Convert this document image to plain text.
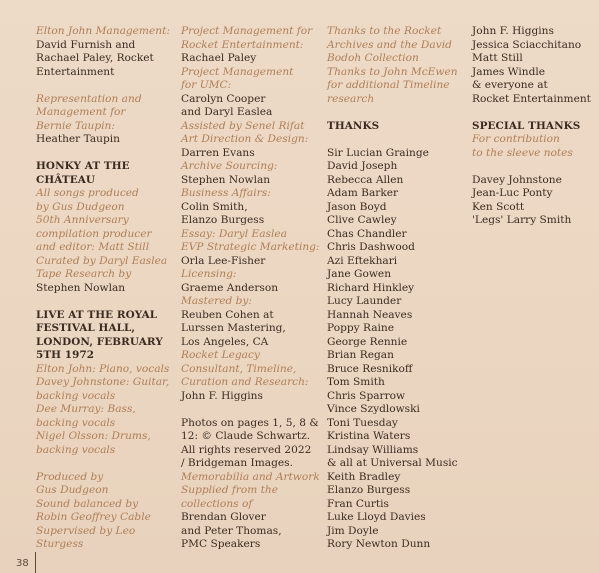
Elton John Management:
David Furnish and
Rachael Paley, Rocket
Entertainment
Representation and
Management for
Bernie Taupin:
Heather Taupin
HONKY AT THE
CHÂTEAU
All songs produced
by Gus Dudgeon
50th Anniversary
compilation producer
and editor: Matt Still
Curated by Daryl Easlea
Tape Research by
Stephen Nowlan
LIVE AT THE ROYAL
FESTIVAL HALL,
LONDON, FEBRUARY
5TH 1972
Elton John: Piano, vocals
Davey Johnstone: Guitar,
backing vocals
Dee Murray: Bass,
backing vocals
Nigel Olsson: Drums,
backing vocals
Produced by
Gus Dudgeon
Sound balanced by
Robin Geoffrey Cable
Supervised by Leo
Sturgess
Project Management for
Rocket Entertainment:
Rachael Paley
Project Management
for UMC:
Carolyn Cooper
and Daryl Easlea
Assisted by Senel Rifat
Art Direction & Design:
Darren Evans
Archive Sourcing:
Stephen Nowlan
Business Affairs:
Colin Smith,
Elanzo Burgess
Essay: Daryl Easlea
EVP Strategic Marketing:
Orla Lee-Fisher
Licensing:
Graeme Anderson
Mastered by:
Reuben Cohen at
Lurssen Mastering,
Los Angeles, CA
Rocket Legacy
Consultant, Timeline,
Curation and Research:
John F. Higgins
Photos on pages 1, 5, 8 &
12: © Claude Schwartz.
All rights reserved 2022
/ Bridgeman Images.
Memorabilia and Artwork
Supplied from the
collections of
Brendan Glover
and Peter Thomas,
PMC Speakers
Thanks to the Rocket
Archives and the David
Bodoh Collection
Thanks to John McEwen
for additional Timeline
research
THANKS
Sir Lucian Grainge
David Joseph
Rebecca Allen
Adam Barker
Jason Boyd
Clive Cawley
Chas Chandler
Chris Dashwood
Azi Eftekhari
Jane Gowen
Richard Hinkley
Lucy Launder
Hannah Neaves
Poppy Raine
George Rennie
Brian Regan
Bruce Resnikoff
Tom Smith
Chris Sparrow
Vince Szydlowski
Toni Tuesday
Kristina Waters
Lindsay Williams
& all at Universal Music
Keith Bradley
Elanzo Burgess
Fran Curtis
Luke Lloyd Davies
Jim Doyle
Rory Newton Dunn
John F. Higgins
Jessica Sciacchitano
Matt Still
James Windle
& everyone at
Rocket Entertainment
SPECIAL THANKS
For contribution
to the sleeve notes
Davey Johnstone
Jean-Luc Ponty
Ken Scott
'Legs' Larry Smith
38
